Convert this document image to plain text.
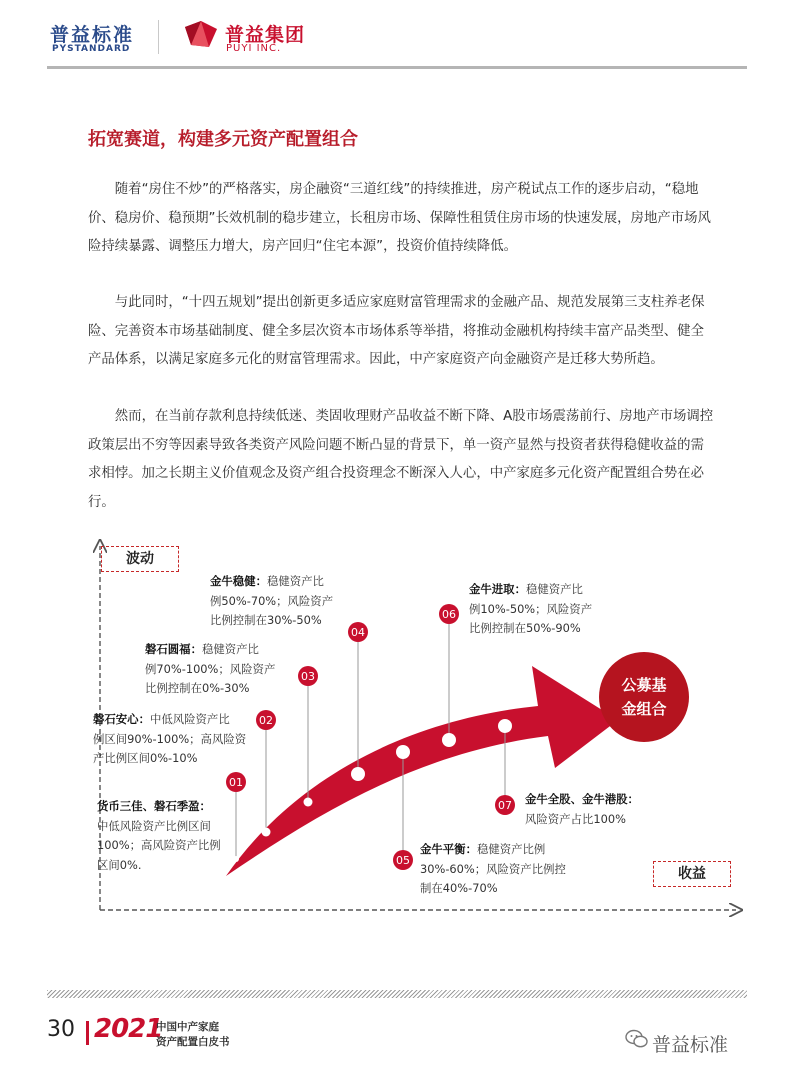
普益标准
PYSTANDARD
普益集团
PUYI INC.
拓宽赛道，构建多元资产配置组合
随着“房住不炒”的严格落实，房企融资“三道红线”的持续推进，房产税试点工作的逐步启动，“稳地价、稳房价、稳预期”长效机制的稳步建立，长租房市场、保障性租赁住房市场的快速发展，房地产市场风险持续暴露、调整压力增大，房产回归“住宅本源”，投资价值持续降低。
与此同时，“十四五规划”提出创新更多适应家庭财富管理需求的金融产品、规范发展第三支柱养老保险、完善资本市场基础制度、健全多层次资本市场体系等举措，将推动金融机构持续丰富产品类型、健全产品体系，以满足家庭多元化的财富管理需求。因此，中产家庭资产向金融资产是迁移大势所趋。
然而，在当前存款利息持续低迷、类固收理财产品收益不断下降、A股市场震荡前行、房地产市场调控政策层出不穷等因素导致各类资产风险问题不断凸显的背景下，单一资产显然与投资者获得稳健收益的需求相悖。加之长期主义价值观念及资产组合投资理念不断深入人心，中产家庭多元化资产配置组合势在必行。
01
02
03
04
05
06
07
公募基
金组合
波动
收益
货币三佳、磐石季盈：
中低风险资产比例区间
100%；高风险资产比例
区间0%.
磐石安心：中低风险资产比
例区间90%-100%；高风险资
产比例区间0%-10%
磐石圆福：稳健资产比
例70%-100%；风险资产
比例控制在0%-30%
金牛稳健：稳健资产比
例50%-70%；风险资产
比例控制在30%-50%
金牛平衡：稳健资产比例
30%-60%；风险资产比例控
制在40%-70%
金牛进取：稳健资产比
例10%-50%；风险资产
比例控制在50%-90%
金牛全股、金牛港股：
风险资产占比100%
30 2021
中国中产家庭
资产配置白皮书	普益标准
